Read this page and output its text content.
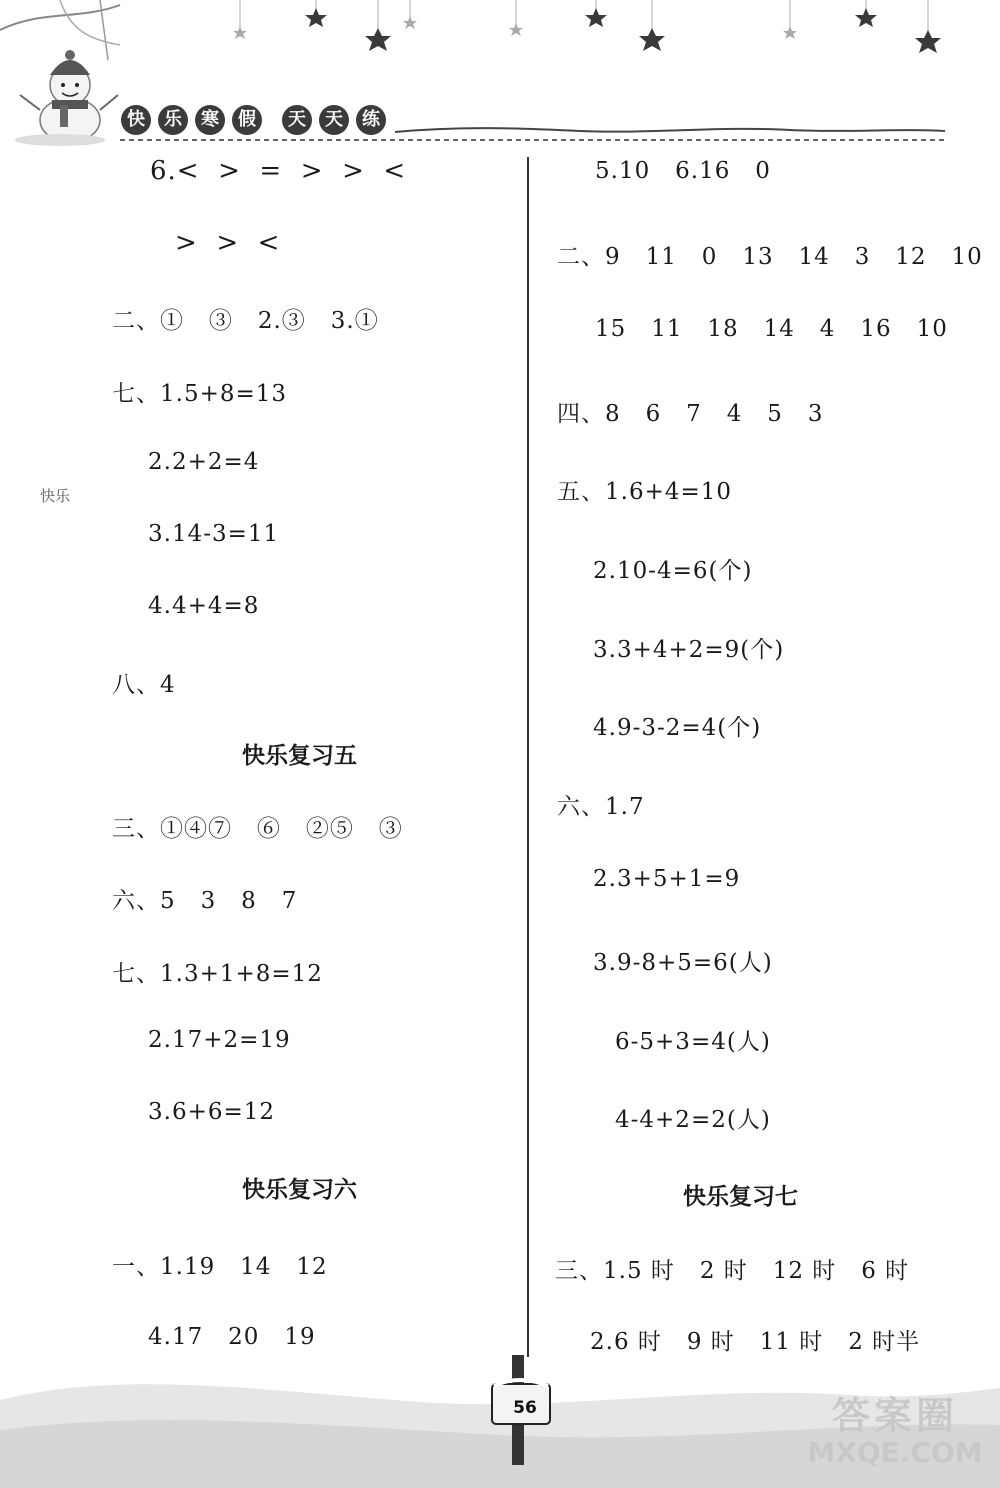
快	乐	寒	假	天	天	练
6.<  >  =  >  >  <
>  >  <
二、①   ③   2.③   3.①
七、1.5+8=13
2.2+2=4
3.14-3=11
4.4+4=8
八、4
快乐复习五
三、①④⑦   ⑥   ②⑤   ③
六、5   3   8   7
七、1.3+1+8=12
2.17+2=19
3.6+6=12
快乐复习六
一、1.19   14   12
4.17   20   19
快乐
5.10   6.16   0
二、9   11   0   13   14   3   12   10
15   11   18   14   4   16   10
四、8   6   7   4   5   3
五、1.6+4=10
2.10-4=6(个)
3.3+4+2=9(个)
4.9-3-2=4(个)
六、1.7
2.3+5+1=9
3.9-8+5=6(人)
6-5+3=4(人)
4-4+2=2(人)
快乐复习七
三、1.5 时   2 时   12 时   6 时
2.6 时   9 时   11 时   2 时半
56	答案圈
MXQE.COM
